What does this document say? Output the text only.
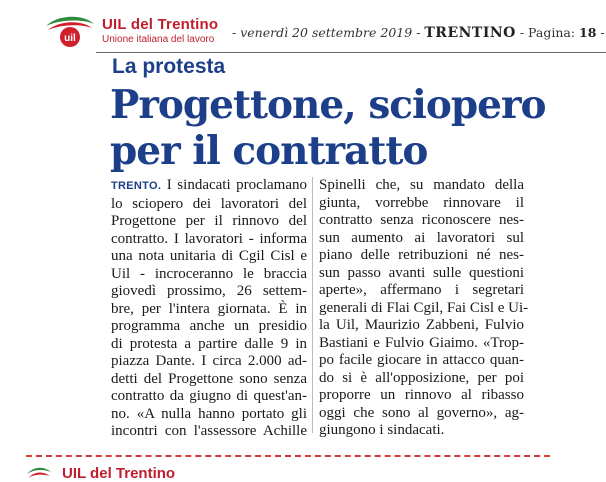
uil
UIL del Trentino
Unione italiana del lavoro - venerdì 20 settembre 2019 - TRENTINO - Pagina: 18 -
La protesta
Progettone, sciopero
per il contratto
TRENTO. I sindacati proclamano
lo sciopero dei lavoratori del
Progettone per il rinnovo del
contratto. I lavoratori - informa
una nota unitaria di Cgil Cisl e
Uil - incroceranno le braccia
giovedì prossimo, 26 settem-
bre, per l'intera giornata. È in
programma anche un presidio
di protesta a partire dalle 9 in
piazza Dante. I circa 2.000 ad-
detti del Progettone sono senza
contratto da giugno di quest'an-
no. «A nulla hanno portato gli
incontri con l'assessore Achille
Spinelli che, su mandato della
giunta, vorrebbe rinnovare il
contratto senza riconoscere nes-
sun aumento ai lavoratori sul
piano delle retribuzioni né nes-
sun passo avanti sulle questioni
aperte», affermano i segretari
generali di Flai Cgil, Fai Cisl e Ui-
la Uil, Maurizio Zabbeni, Fulvio
Bastiani e Fulvio Giaimo. «Trop-
po facile giocare in attacco quan-
do si è all'opposizione, per poi
proporre un rinnovo al ribasso
oggi che sono al governo», ag-
giungono i sindacati.
UIL del Trentino
